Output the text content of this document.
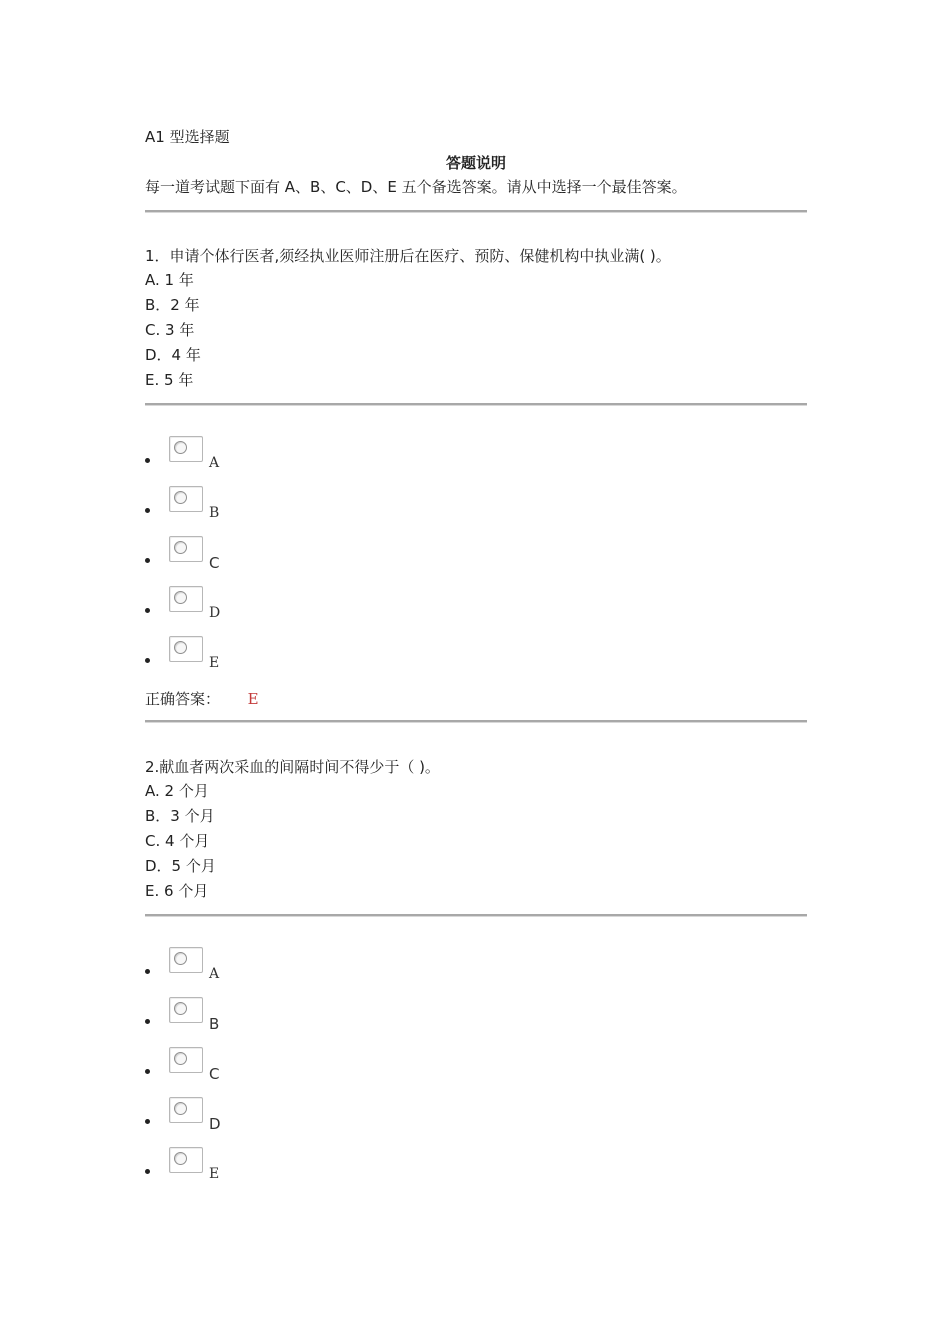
A1 型选择题
答题说明
每一道考试题下面有 A、B、C、D、E 五个备选答案。请从中选择一个最佳答案。
1．申请个体行医者,须经执业医师注册后在医疗、预防、保健机构中执业满( )。
A. 1 年
B．2 年
C. 3 年
D．4 年
E. 5 年
A
B
C
D
E
正确答案： E
2.献血者两次采血的间隔时间不得少于（ )。
A. 2 个月
B．3 个月
C. 4 个月
D．5 个月
E. 6 个月
A
B
C
D
E
